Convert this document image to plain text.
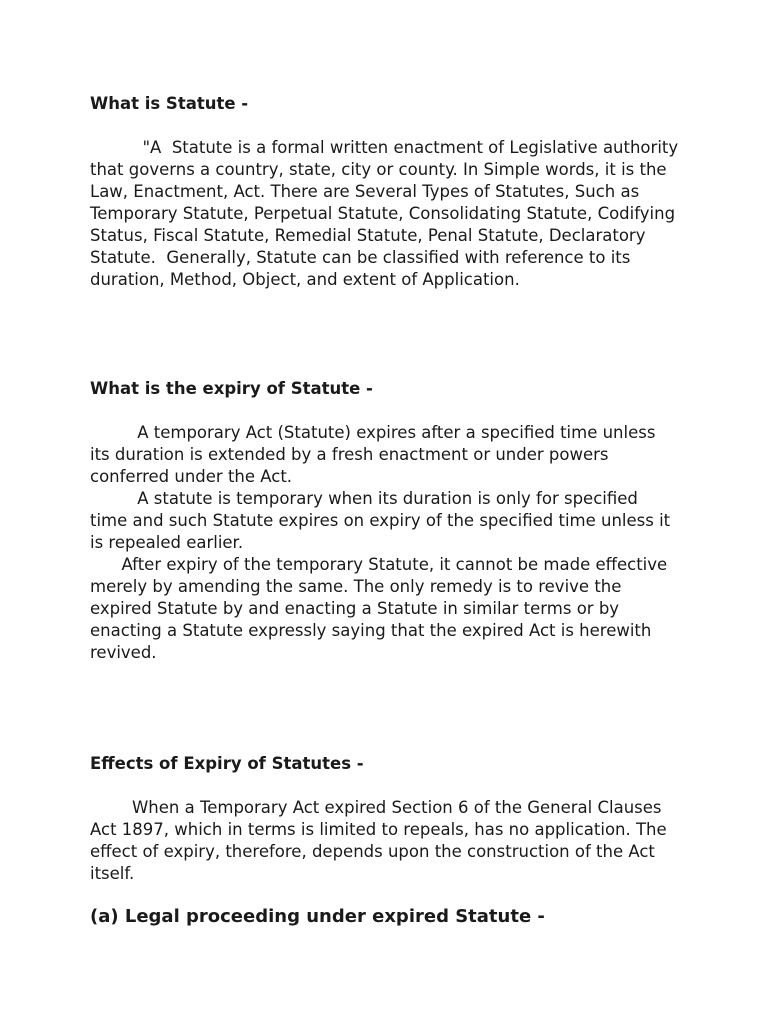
What is Statute -

"A  Statute is a formal written enactment of Legislative authority that governs a country, state, city or county. In Simple words, it is the Law, Enactment, Act. There are Several Types of Statutes, Such as Temporary Statute, Perpetual Statute, Consolidating Statute, Codifying Status, Fiscal Statute, Remedial Statute, Penal Statute, Declaratory Statute.  Generally, Statute can be classified with reference to its duration, Method, Object, and extent of Application.

What is the expiry of Statute -

A temporary Act (Statute) expires after a specified time unless its duration is extended by a fresh enactment or under powers conferred under the Act.

A statute is temporary when its duration is only for specified time and such Statute expires on expiry of the specified time unless it is repealed earlier.

After expiry of the temporary Statute, it cannot be made effective merely by amending the same. The only remedy is to revive the expired Statute by and enacting a Statute in similar terms or by enacting a Statute expressly saying that the expired Act is herewith revived.

Effects of Expiry of Statutes -

When a Temporary Act expired Section 6 of the General Clauses Act 1897, which in terms is limited to repeals, has no application. The effect of expiry, therefore, depends upon the construction of the Act itself.

(a) Legal proceeding under expired Statute -
